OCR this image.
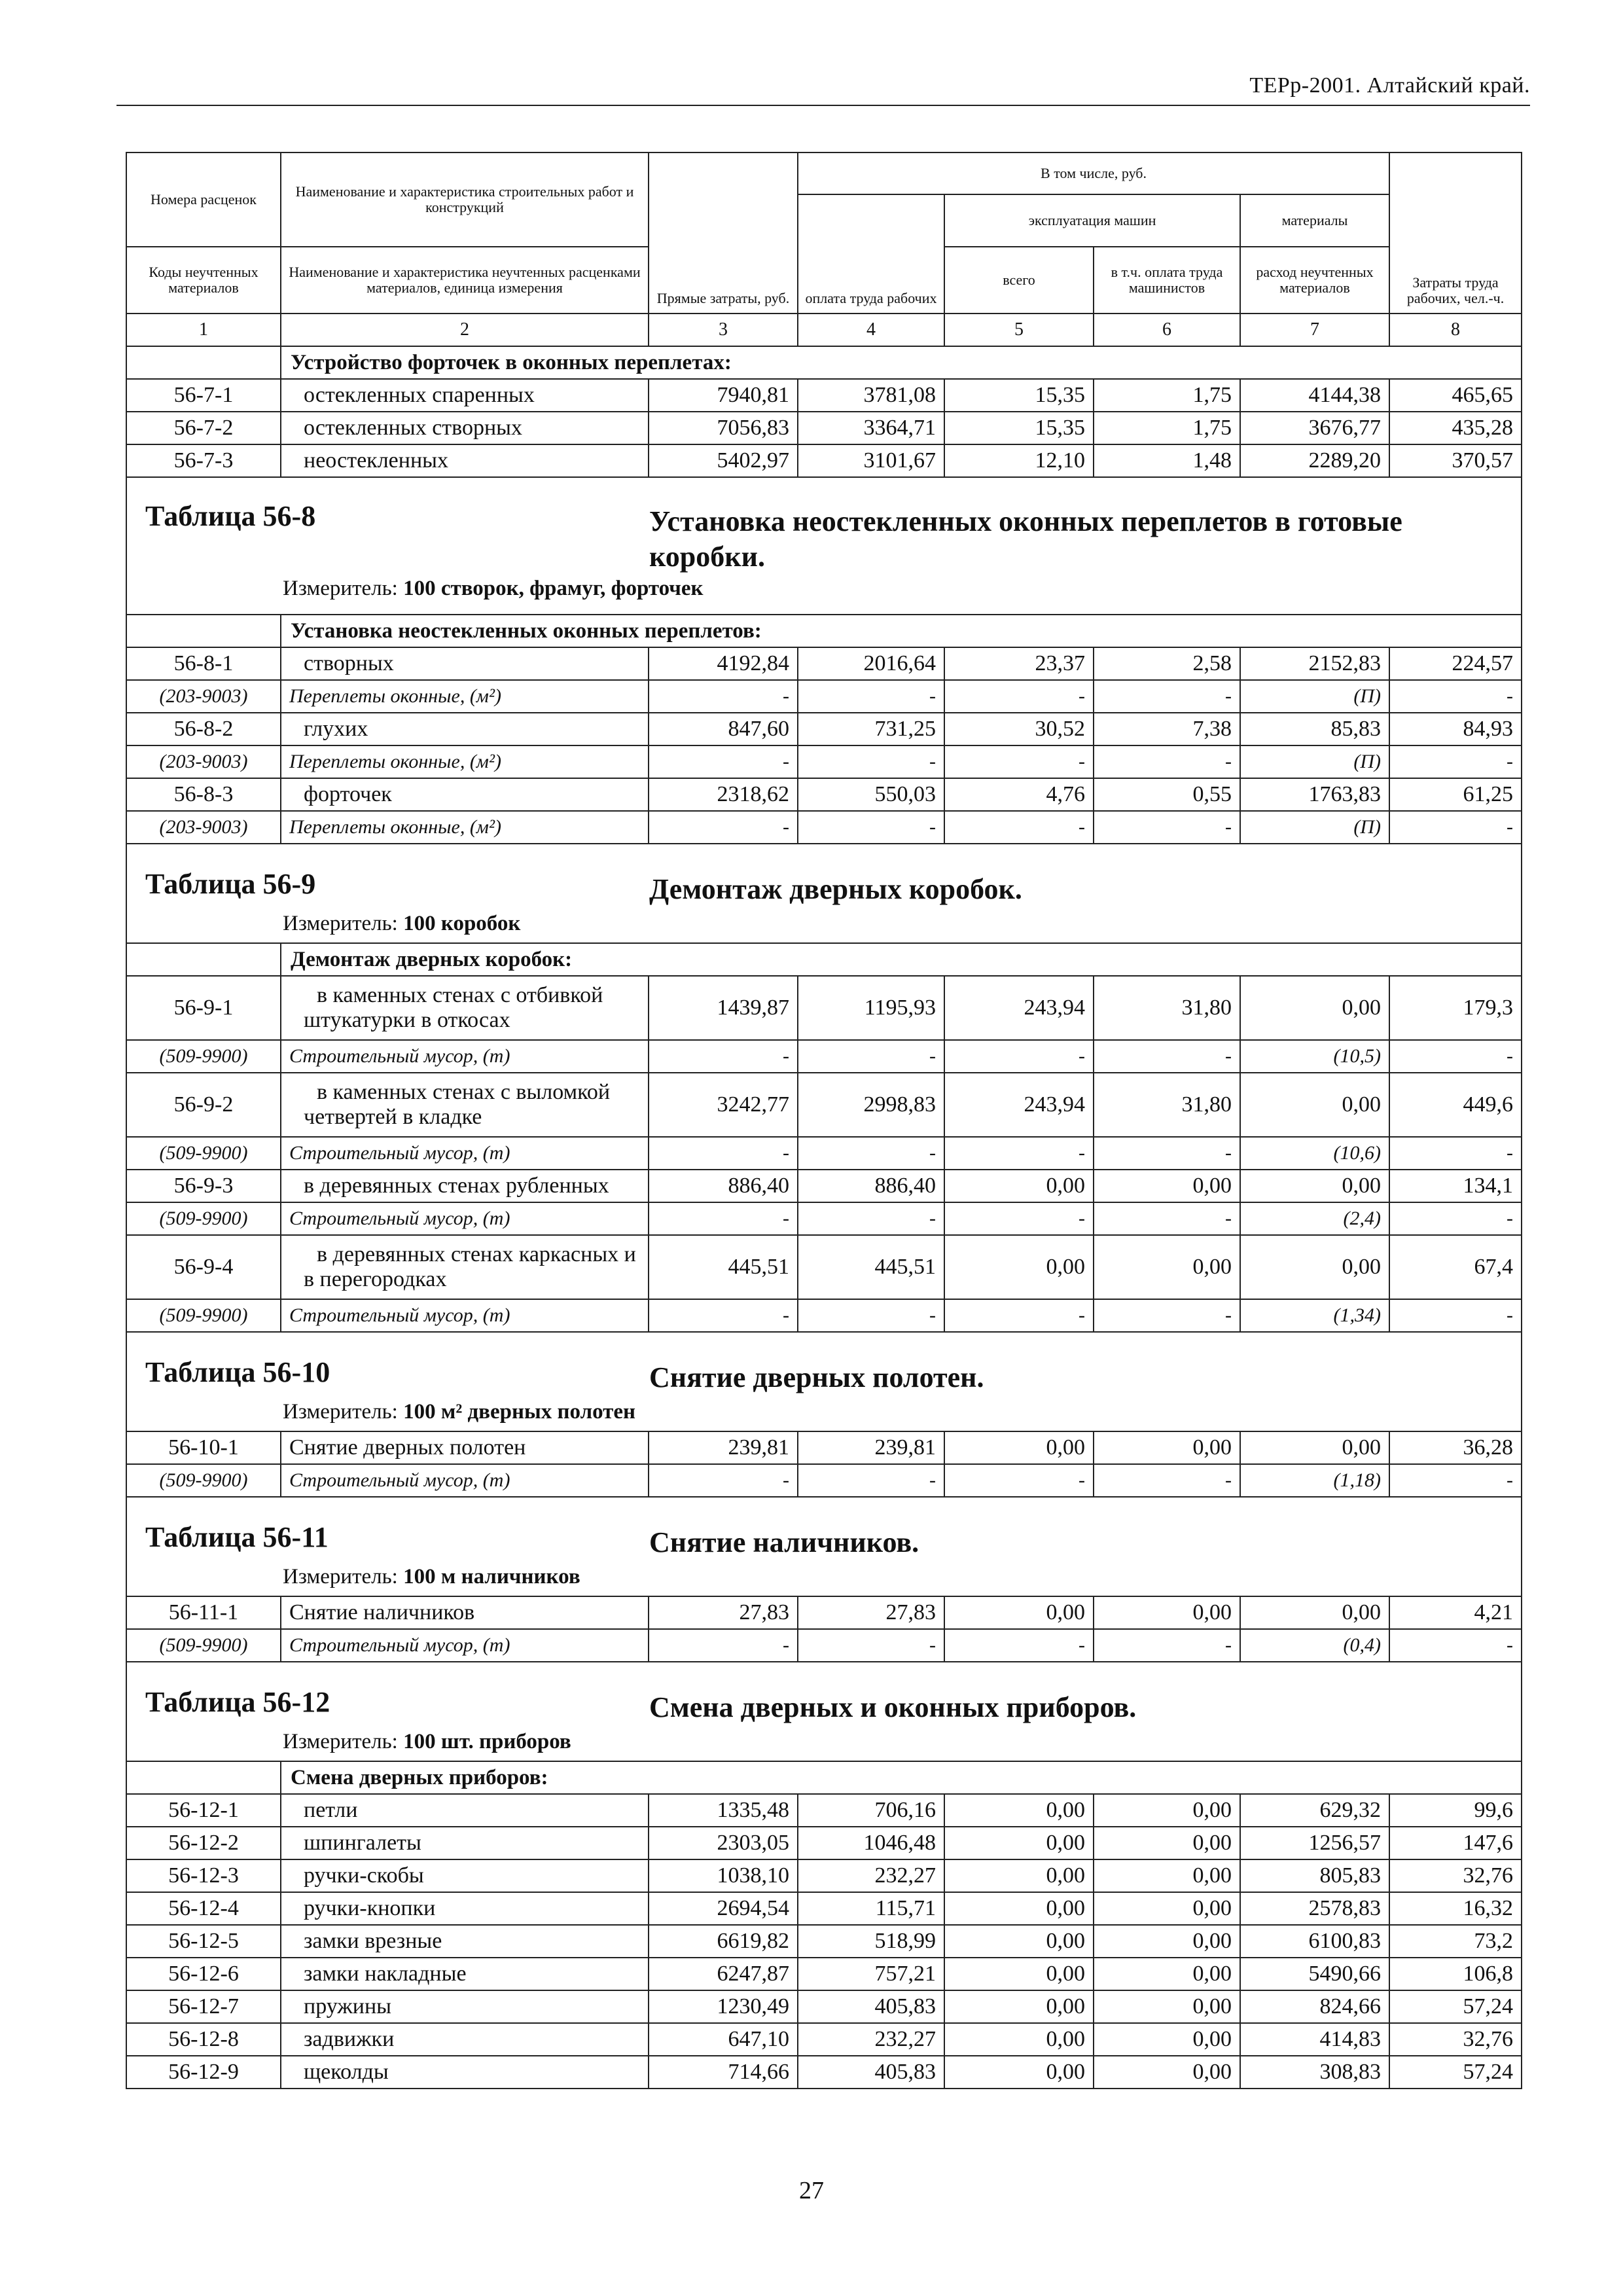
ТЕРр-2001. Алтайский край.
Номера расценок	Наименование и характеристика строительных работ и конструкций	Прямые затраты, руб.	В том числе, руб.				Затраты труда рабочих, чел.-ч.
			оплата труда рабочих	эксплуатация машин		материалы	
Коды неучтенных материалов	Наименование и характеристика неучтенных расценками материалов, единица измерения			всего	в т.ч. оплата труда машинистов	расход неучтенных материалов	
1	2	3	4	5	6	7	8
	Устройство форточек в оконных переплетах:						
56-7-1	остекленных спаренных	7940,81	3781,08	15,35	1,75	4144,38	465,65
56-7-2	остекленных створных	7056,83	3364,71	15,35	1,75	3676,77	435,28
56-7-3	неостекленных	5402,97	3101,67	12,10	1,48	2289,20	370,57

Таблица 56-8 Установка неостекленных оконных переплетов в готовые коробки.
Измеритель: 100 створок, фрамуг, форточек							

	Установка неостекленных оконных переплетов:						
56-8-1	створных	4192,84	2016,64	23,37	2,58	2152,83	224,57
(203-9003)	Переплеты оконные, (м²)	-	-	-	-	(П)	-
56-8-2	глухих	847,60	731,25	30,52	7,38	85,83	84,93
(203-9003)	Переплеты оконные, (м²)	-	-	-	-	(П)	-
56-8-3	форточек	2318,62	550,03	4,76	0,55	1763,83	61,25
(203-9003)	Переплеты оконные, (м²)	-	-	-	-	(П)	-

Таблица 56-9 Демонтаж дверных коробок.
Измеритель: 100 коробок							

	Демонтаж дверных коробок:						
56-9-1	в каменных стенах с отбивкой штукатурки в откосах	1439,87	1195,93	243,94	31,80	0,00	179,3
(509-9900)	Строительный мусор, (т)	-	-	-	-	(10,5)	-
56-9-2	в каменных стенах с выломкой четвертей в кладке	3242,77	2998,83	243,94	31,80	0,00	449,6
(509-9900)	Строительный мусор, (т)	-	-	-	-	(10,6)	-
56-9-3	в деревянных стенах рубленных	886,40	886,40	0,00	0,00	0,00	134,1
(509-9900)	Строительный мусор, (т)	-	-	-	-	(2,4)	-
56-9-4	в деревянных стенах каркасных и в перегородках	445,51	445,51	0,00	0,00	0,00	67,4
(509-9900)	Строительный мусор, (т)	-	-	-	-	(1,34)	-

Таблица 56-10 Снятие дверных полотен.
Измеритель: 100 м² дверных полотен							

56-10-1	Снятие дверных полотен	239,81	239,81	0,00	0,00	0,00	36,28
(509-9900)	Строительный мусор, (т)	-	-	-	-	(1,18)	-

Таблица 56-11 Снятие наличников.
Измеритель: 100 м наличников							

56-11-1	Снятие наличников	27,83	27,83	0,00	0,00	0,00	4,21
(509-9900)	Строительный мусор, (т)	-	-	-	-	(0,4)	-

Таблица 56-12 Смена дверных и оконных приборов.
Измеритель: 100 шт. приборов							

	Смена дверных приборов:						
56-12-1	петли	1335,48	706,16	0,00	0,00	629,32	99,6
56-12-2	шпингалеты	2303,05	1046,48	0,00	0,00	1256,57	147,6
56-12-3	ручки-скобы	1038,10	232,27	0,00	0,00	805,83	32,76
56-12-4	ручки-кнопки	2694,54	115,71	0,00	0,00	2578,83	16,32
56-12-5	замки врезные	6619,82	518,99	0,00	0,00	6100,83	73,2
56-12-6	замки накладные	6247,87	757,21	0,00	0,00	5490,66	106,8
56-12-7	пружины	1230,49	405,83	0,00	0,00	824,66	57,24
56-12-8	задвижки	647,10	232,27	0,00	0,00	414,83	32,76
56-12-9	щеколды	714,66	405,83	0,00	0,00	308,83	57,24
27
